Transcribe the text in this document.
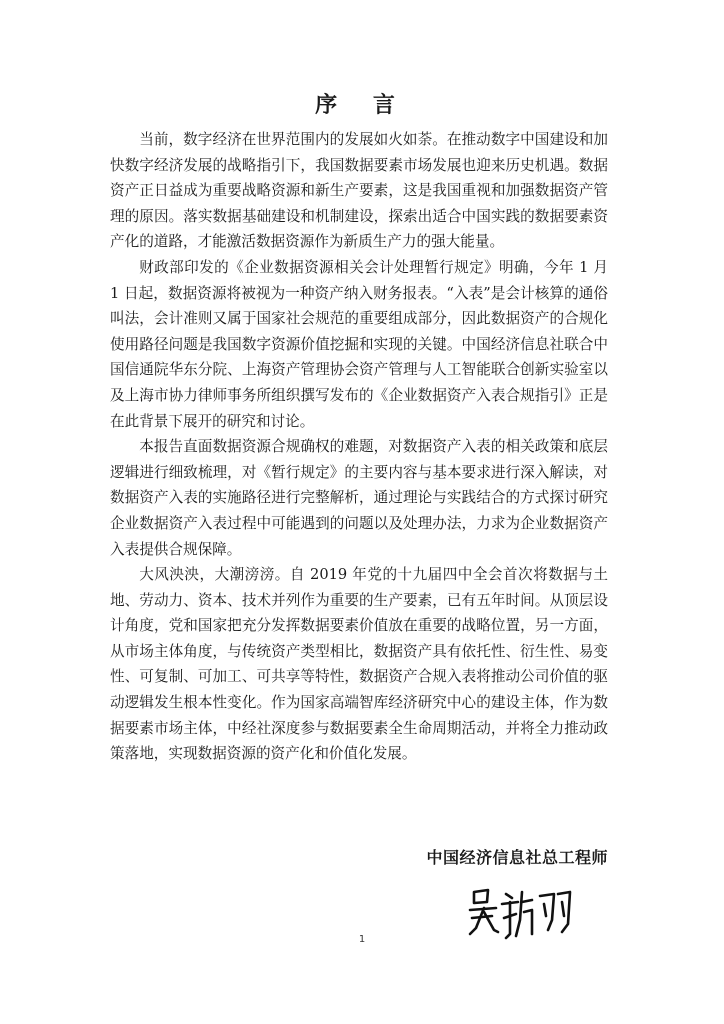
序 言

当前，数字经济在世界范围内的发展如火如荼。在推动数字中国建设和加快数字经济发展的战略指引下，我国数据要素市场发展也迎来历史机遇。数据资产正日益成为重要战略资源和新生产要素，这是我国重视和加强数据资产管理的原因。落实数据基础建设和机制建设，探索出适合中国实践的数据要素资产化的道路，才能激活数据资源作为新质生产力的强大能量。

财政部印发的《企业数据资源相关会计处理暂行规定》明确，今年 1 月 1 日起，数据资源将被视为一种资产纳入财务报表。“入表”是会计核算的通俗叫法，会计准则又属于国家社会规范的重要组成部分，因此数据资产的合规化使用路径问题是我国数字资源价值挖掘和实现的关键。中国经济信息社联合中国信通院华东分院、上海资产管理协会资产管理与人工智能联合创新实验室以及上海市协力律师事务所组织撰写发布的《企业数据资产入表合规指引》正是在此背景下展开的研究和讨论。

本报告直面数据资源合规确权的难题，对数据资产入表的相关政策和底层逻辑进行细致梳理，对《暂行规定》的主要内容与基本要求进行深入解读，对数据资产入表的实施路径进行完整解析，通过理论与实践结合的方式探讨研究企业数据资产入表过程中可能遇到的问题以及处理办法，力求为企业数据资产入表提供合规保障。

大风泱泱，大潮滂滂。自 2019 年党的十九届四中全会首次将数据与土地、劳动力、资本、技术并列作为重要的生产要素，已有五年时间。从顶层设计角度，党和国家把充分发挥数据要素价值放在重要的战略位置，另一方面，从市场主体角度，与传统资产类型相比，数据资产具有依托性、衍生性、易变性、可复制、可加工、可共享等特性，数据资产合规入表将推动公司价值的驱动逻辑发生根本性变化。作为国家高端智库经济研究中心的建设主体，作为数据要素市场主体，中经社深度参与数据要素全生命周期活动，并将全力推动政策落地，实现数据资源的资产化和价值化发展。

中国经济信息社总工程师
1
